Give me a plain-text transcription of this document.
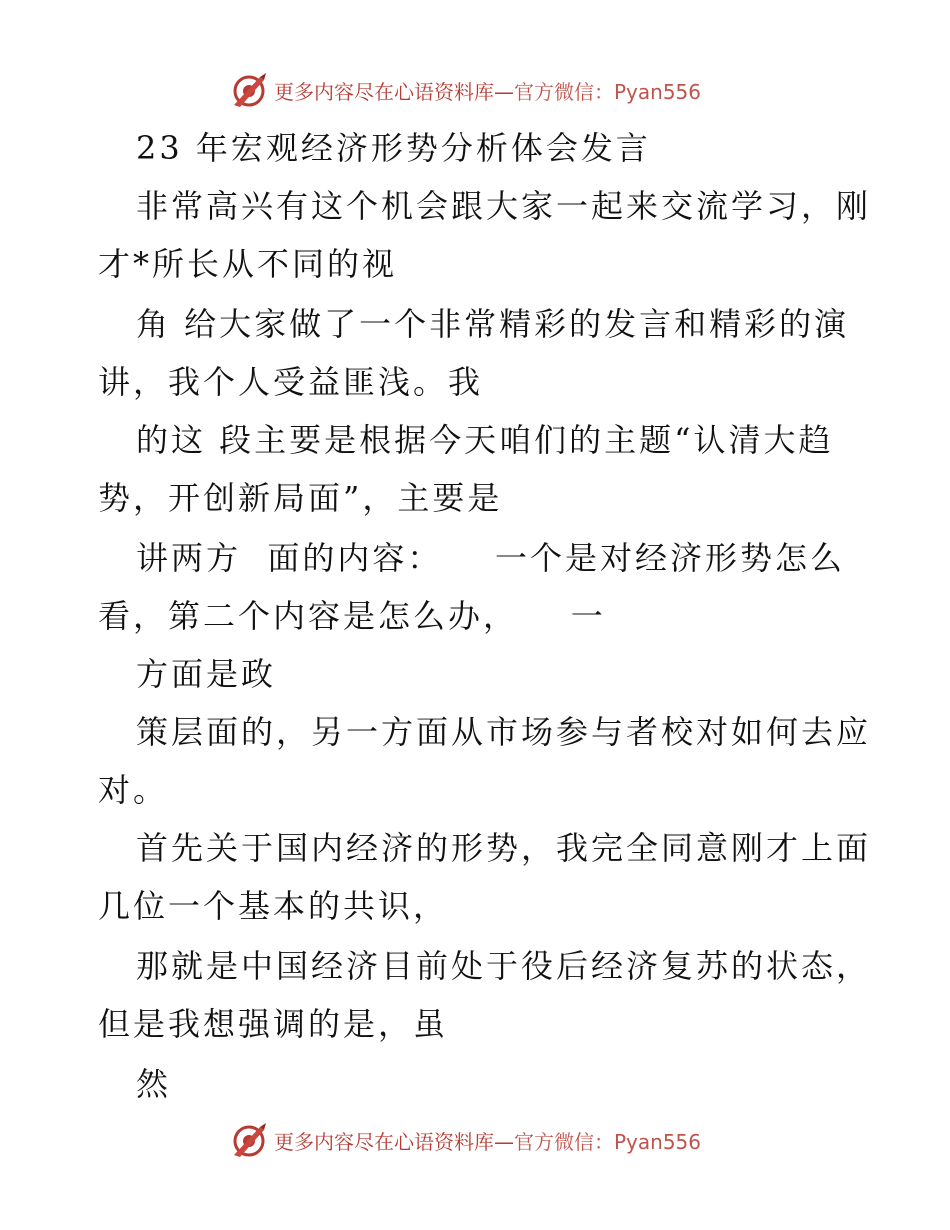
更多内容尽在心语资料库—官方微信：Pyan556
23 年宏观经济形势分析体会发言
非常高兴有这个机会跟大家一起来交流学习，刚
才*所长从不同的视
角 给大家做了一个非常精彩的发言和精彩的演
讲，我个人受益匪浅。我
的这 段主要是根据今天咱们的主题“认清大趋
势，开创新局面”，主要是
讲两方  面的内容：    一个是对经济形势怎么
看，第二个内容是怎么办，    一
方面是政
策层面的，另一方面从市场参与者校对如何去应
对。
首先关于国内经济的形势，我完全同意刚才上面
几位一个基本的共识，
那就是中国经济目前处于役后经济复苏的状态，
但是我想强调的是，虽
然
更多内容尽在心语资料库—官方微信：Pyan556
